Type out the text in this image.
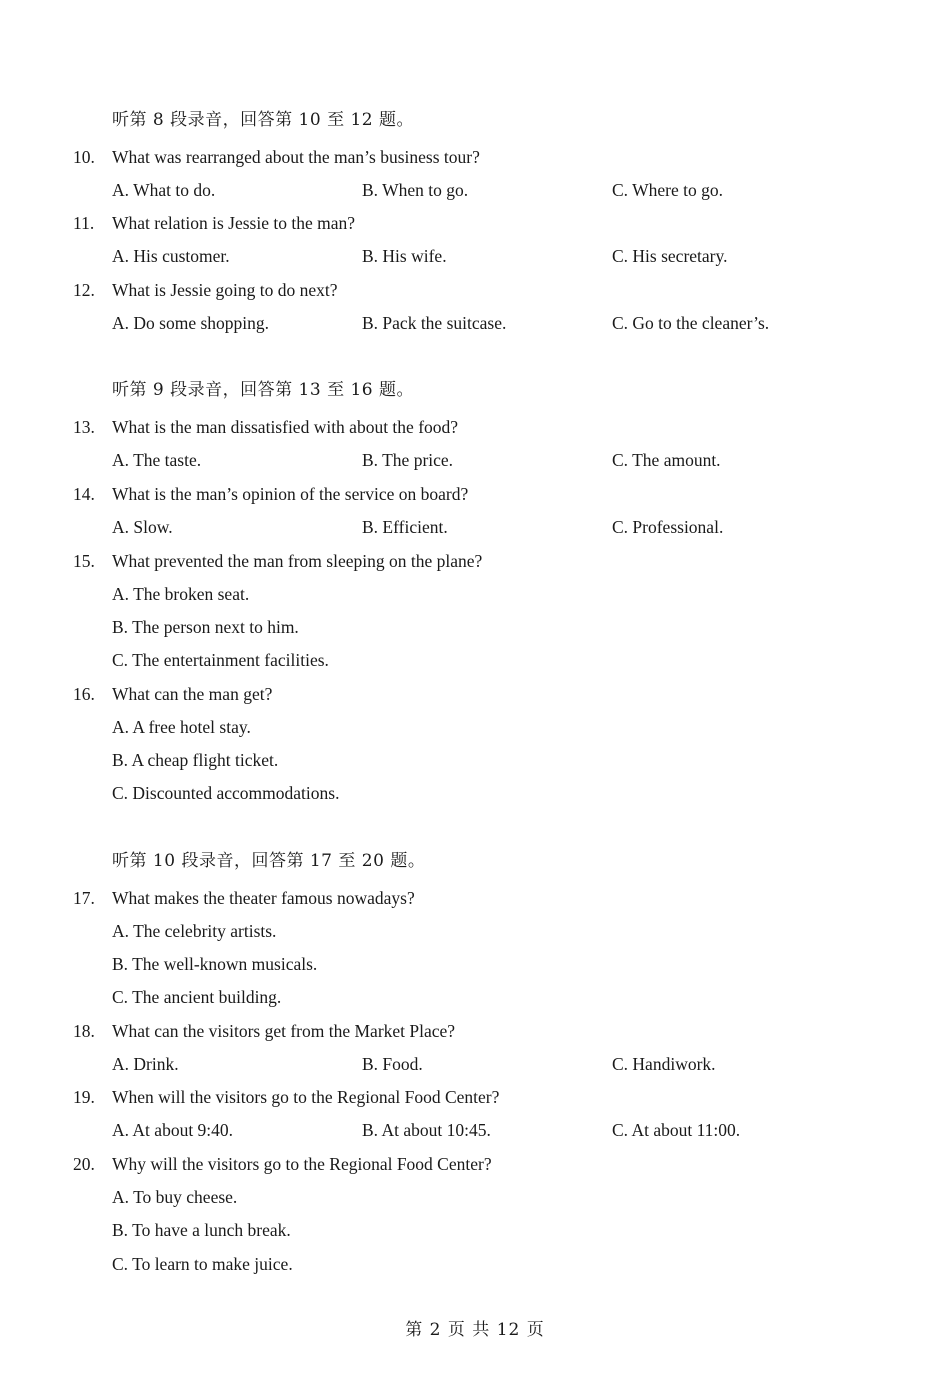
听第 8 段录音，回答第 10 至 12 题。
10. What was rearranged about the man’s business tour?
A. What to do.	B. When to go.	C. Where to go.
11.	What relation is Jessie to the man?
A. His customer.	B. His wife.	C. His secretary.
12. What is Jessie going to do next?
A. Do some shopping.	B. Pack the suitcase.	C. Go to the cleaner’s.
听第 9 段录音，回答第 13 至 16 题。
13. What is the man dissatisfied with about the food?
A. The taste.	B. The price.	C. The amount.
14. What is the man’s opinion of the service on board?
A. Slow.	B. Efficient.	C. Professional.
15. What prevented the man from sleeping on the plane?
A. The broken seat.
B. The person next to him.
C. The entertainment facilities.
16. What can the man get?
A. A free hotel stay.
B. A cheap flight ticket.
C. Discounted accommodations.
听第 10 段录音，回答第 17 至 20 题。
17. What makes the theater famous nowadays?
A. The celebrity artists.
B. The well-known musicals.
C. The ancient building.
18. What can the visitors get from the Market Place?
A. Drink.	B. Food.	C. Handiwork.
19. When will the visitors go to the Regional Food Center?
A. At about 9:40.	B. At about 10:45.	C. At about 11:00.
20. Why will the visitors go to the Regional Food Center?
A. To buy cheese.
B. To have a lunch break.
C. To learn to make juice.
第 2 页 共 12 页
